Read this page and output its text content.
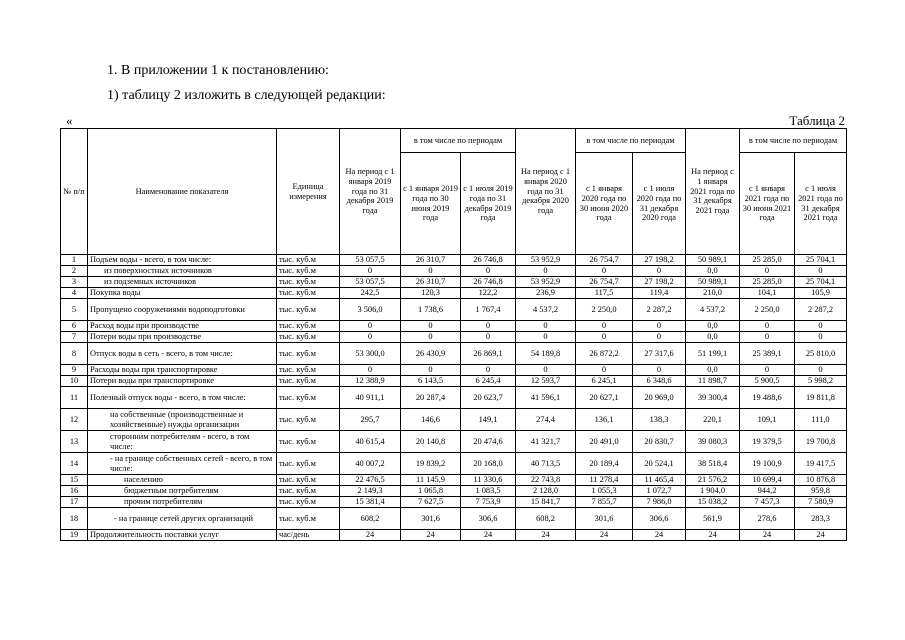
1. В приложении 1 к постановлению:
1) таблицу 2 изложить в следующей редакции:
«	Таблица 2
№ п/п	Наименование показателя	Единица измерения	На период с 1 января 2019 года по 31 декабря 2019 года	в том числе по периодам		На период с 1 января 2020 года по 31 декабря 2020 года	в том числе по периодам		На период с 1 января 2021 года по 31 декабря 2021 года	в том числе по периодам	
				с 1 января 2019 года по 30 июня 2019 года	с 1 июля 2019 года по 31 декабря 2019 года		с 1 января 2020 года по 30 июня 2020 года	с 1 июля 2020 года по 31 декабря 2020 года		с 1 января 2021 года по 30 июня 2021 года	с 1 июля 2021 года по 31 декабря 2021 года
1	Подъем воды - всего, в том числе:	тыс. куб.м	53 057,5	26 310,7	26 746,8	53 952,9	26 754,7	27 198,2	50 989,1	25 285,0	25 704,1
2	из поверхностных источников	тыс. куб.м	0	0	0	0	0	0	0,0	0	0
3	из подземных источников	тыс. куб.м	53 057,5	26 310,7	26 746,8	53 952,9	26 754,7	27 198,2	50 989,1	25 285,0	25 704,1
4	Покупка воды	тыс. куб.м	242,5	120,3	122,2	236,9	117,5	119,4	210,0	104,1	105,9
5	Пропущено сооружениями водоподготовки	тыс. куб.м	3 506,0	1 738,6	1 767,4	4 537,2	2 250,0	2 287,2	4 537,2	2 250,0	2 287,2
6	Расход воды при производстве	тыс. куб.м	0	0	0	0	0	0	0,0	0	0
7	Потери воды при производстве	тыс. куб.м	0	0	0	0	0	0	0,0	0	0
8	Отпуск воды в сеть - всего, в том числе:	тыс. куб.м	53 300,0	26 430,9	26 869,1	54 189,8	26 872,2	27 317,6	51 199,1	25 389,1	25 810,0
9	Расходы воды при транспортировке	тыс. куб.м	0	0	0	0	0	0	0,0	0	0
10	Потери воды при транспортировке	тыс. куб.м	12 388,9	6 143,5	6 245,4	12 593,7	6 245,1	6 348,6	11 898,7	5 900,5	5 998,2
11	Полезный отпуск воды - всего, в том числе:	тыс. куб.м	40 911,1	20 287,4	20 623,7	41 596,1	20 627,1	20 969,0	39 300,4	19 488,6	19 811,8
12	на собственные (производственные и хозяйственные) нужды организации	тыс. куб.м	295,7	146,6	149,1	274,4	136,1	138,3	220,1	109,1	111,0
13	сторонним потребителям - всего, в том числе:	тыс. куб.м	40 615,4	20 140,8	20 474,6	41 321,7	20 491,0	20 830,7	39 080,3	19 379,5	19 700,8
14	- на границе собственных сетей - всего, в том числе:	тыс. куб.м	40 007,2	19 839,2	20 168,0	40 713,5	20 189,4	20 524,1	38 518,4	19 100,9	19 417,5
15	населению	тыс. куб.м	22 476,5	11 145,9	11 330,6	22 743,8	11 278,4	11 465,4	21 576,2	10 699,4	10 876,8
16	бюджетным потребителям	тыс. куб.м	2 149,3	1 065,8	1 083,5	2 128,0	1 055,3	1 072,7	1 904,0	944,2	959,8
17	прочим потребителям	тыс. куб.м	15 381,4	7 627,5	7 753,9	15 841,7	7 855,7	7 986,0	15 038,2	7 457,3	7 580,9
18	- на границе сетей других организаций	тыс. куб.м	608,2	301,6	306,6	608,2	301,6	306,6	561,9	278,6	283,3
19	Продолжительность поставки услуг	час/день	24	24	24	24	24	24	24	24	24
